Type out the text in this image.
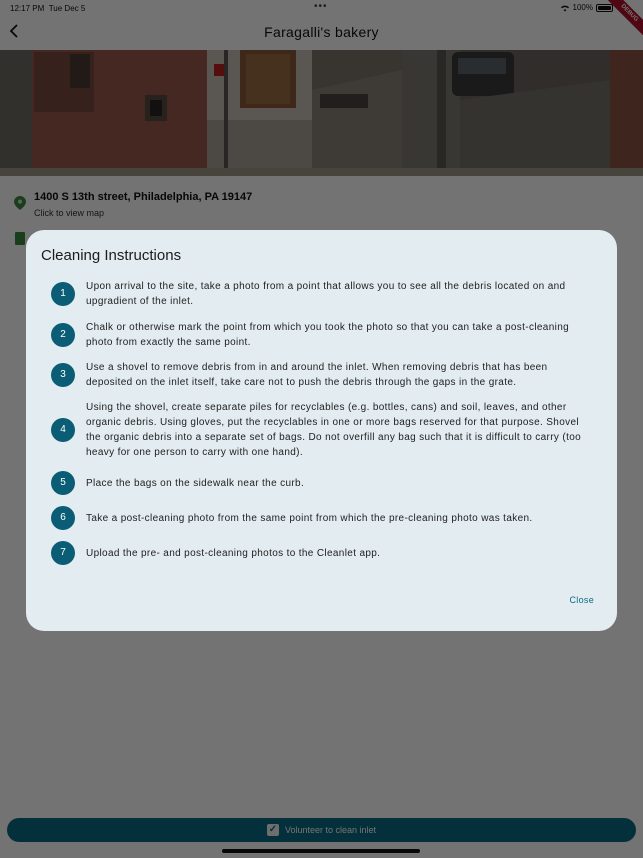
Cleaning Instructions
1
Upon arrival to the site, take a photo from a point that allows you to see all the debris located on and upgradient of the inlet.
2
Chalk or otherwise mark the point from which you took the photo so that you can take a post-cleaning photo from exactly the same point.
3
Use a shovel to remove debris from in and around the inlet. When removing debris that has been deposited on the inlet itself, take care not to push the debris through the gaps in the grate.
4
Using the shovel, create separate piles for recyclables (e.g. bottles, cans) and soil, leaves, and other organic debris. Using gloves, put the recyclables in one or more bags reserved for that purpose. Shovel the organic debris into a separate set of bags. Do not overfill any bag such that it is difficult to carry (too heavy for one person to carry with one hand).
5	Place the bags on the sidewalk near the curb.
6	Take a post-cleaning photo from the same point from which the pre-cleaning photo was taken.
7	Upload the pre- and post-cleaning photos to the Cleanlet app.
Close
